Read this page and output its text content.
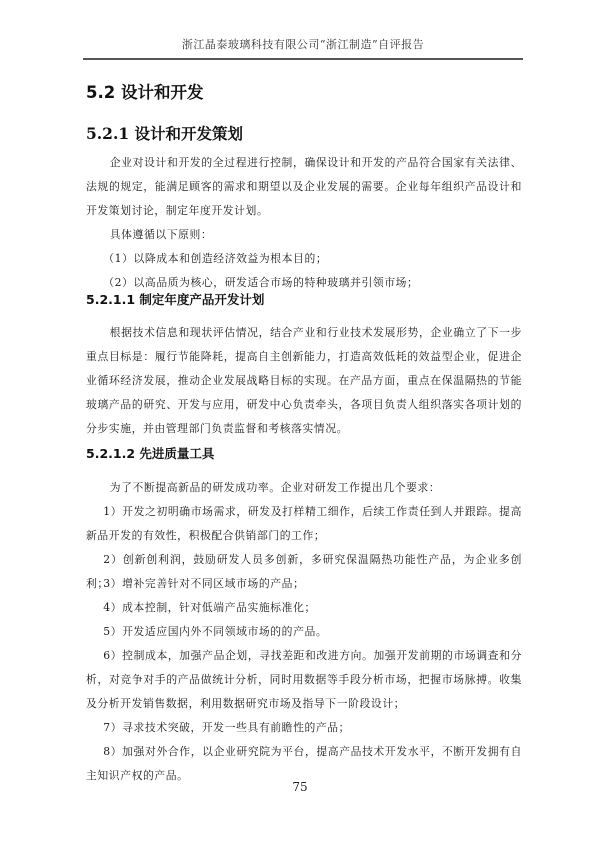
浙江晶泰玻璃科技有限公司“浙江制造”自评报告
5.2 设计和开发
5.2.1 设计和开发策划

企业对设计和开发的全过程进行控制，确保设计和开发的产品符合国家有关法律、法规的规定，能满足顾客的需求和期望以及企业发展的需要。企业每年组织产品设计和开发策划讨论，制定年度开发计划。

具体遵循以下原则：

（1）以降成本和创造经济效益为根本目的；

（2）以高品质为核心，研发适合市场的特种玻璃并引领市场；

5.2.1.1 制定年度产品开发计划

根据技术信息和现状评估情况，结合产业和行业技术发展形势，企业确立了下一步重点目标是：履行节能降耗，提高自主创新能力，打造高效低耗的效益型企业，促进企业循环经济发展，推动企业发展战略目标的实现。在产品方面，重点在保温隔热的节能玻璃产品的研究、开发与应用，研发中心负责牵头，各项目负责人组织落实各项计划的分步实施，并由管理部门负责监督和考核落实情况。

5.2.1.2 先进质量工具

为了不断提高新品的研发成功率。企业对研发工作提出几个要求：

1）开发之初明确市场需求，研发及打样精工细作，后续工作责任到人并跟踪。提高新品开发的有效性，积极配合供销部门的工作；

2）创新创利润，鼓励研发人员多创新，多研究保温隔热功能性产品，为企业多创利；

3）增补完善针对不同区域市场的产品；

4）成本控制，针对低端产品实施标准化；

5）开发适应国内外不同领域市场的的产品。

6）控制成本，加强产品企划，寻找差距和改进方向。加强开发前期的市场调查和分析，对竞争对手的产品做统计分析，同时用数据等手段分析市场，把握市场脉搏。收集及分析开发销售数据，利用数据研究市场及指导下一阶段设计；

7）寻求技术突破，开发一些具有前瞻性的产品；

8）加强对外合作，以企业研究院为平台，提高产品技术开发水平，不断开发拥有自主知识产权的产品。

75
